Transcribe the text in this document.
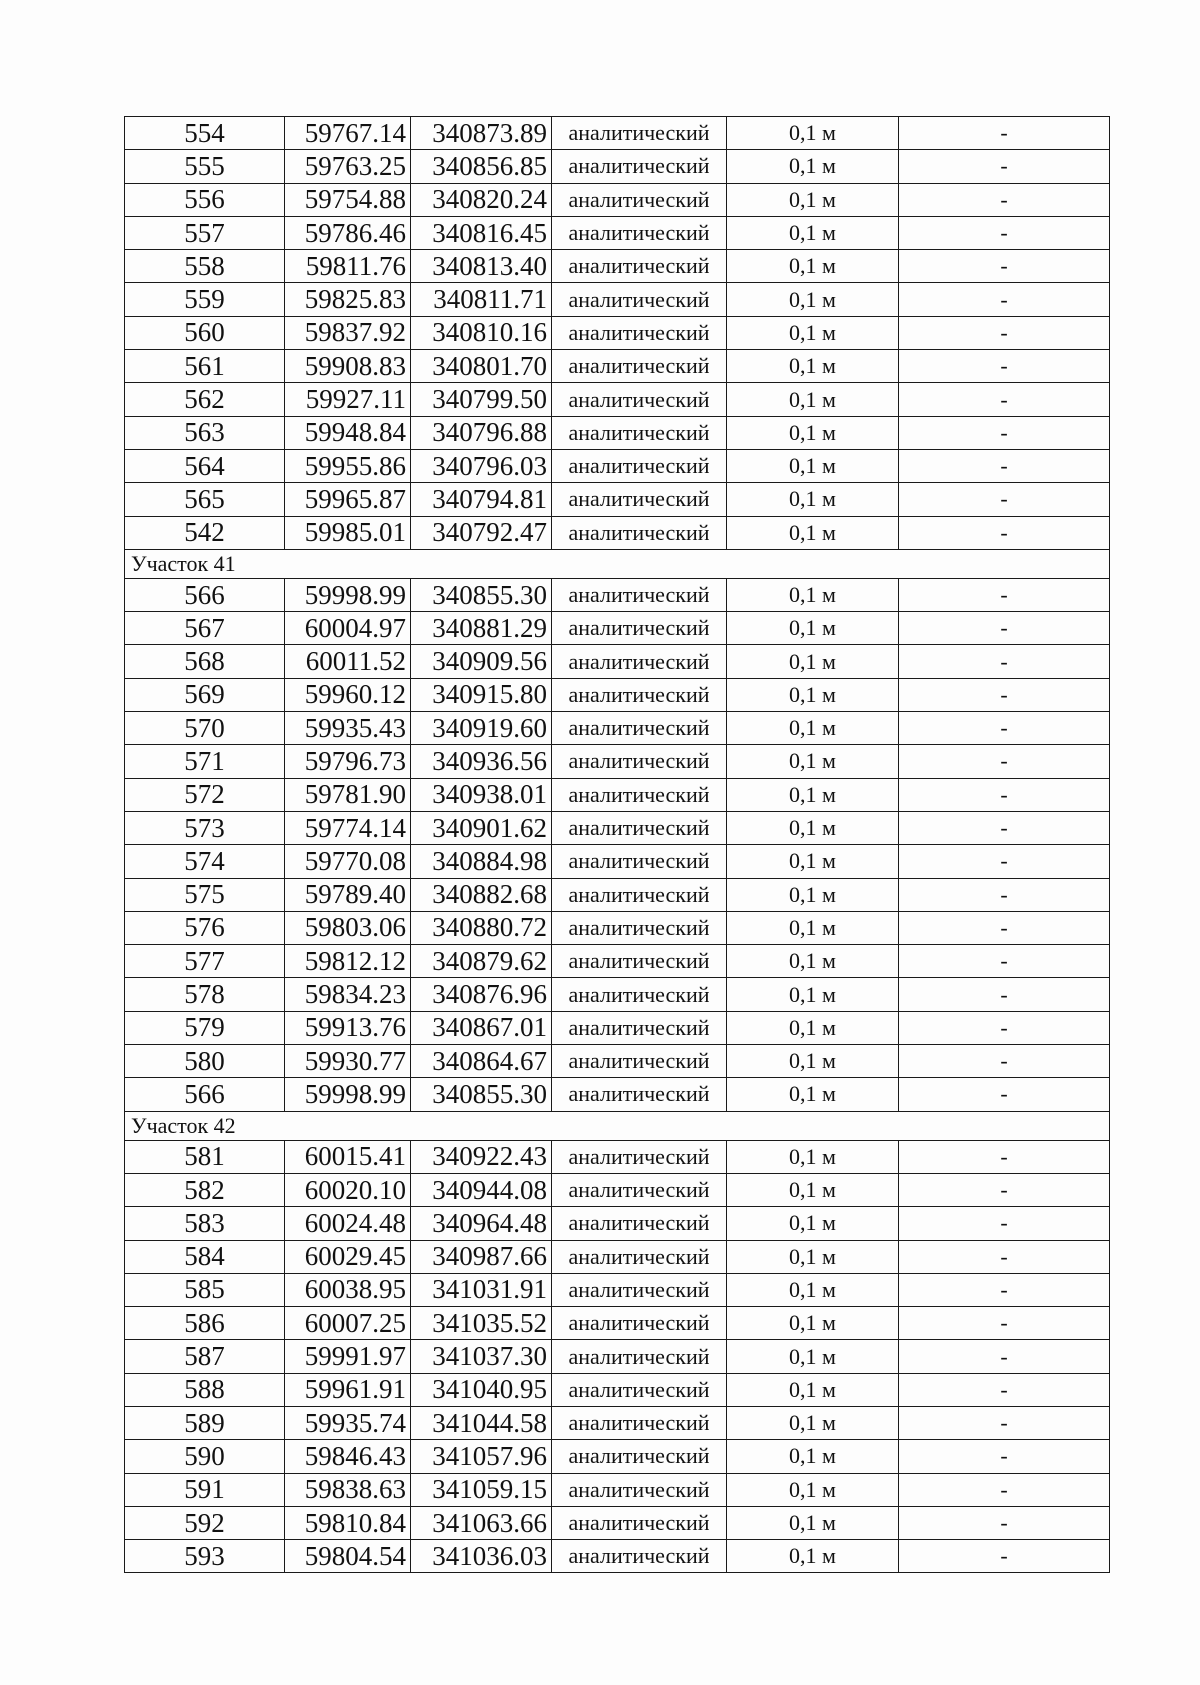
554	59767.14	340873.89	аналитический	0,1 м	-
555	59763.25	340856.85	аналитический	0,1 м	-
556	59754.88	340820.24	аналитический	0,1 м	-
557	59786.46	340816.45	аналитический	0,1 м	-
558	59811.76	340813.40	аналитический	0,1 м	-
559	59825.83	340811.71	аналитический	0,1 м	-
560	59837.92	340810.16	аналитический	0,1 м	-
561	59908.83	340801.70	аналитический	0,1 м	-
562	59927.11	340799.50	аналитический	0,1 м	-
563	59948.84	340796.88	аналитический	0,1 м	-
564	59955.86	340796.03	аналитический	0,1 м	-
565	59965.87	340794.81	аналитический	0,1 м	-
542	59985.01	340792.47	аналитический	0,1 м	-
Участок 41					
566	59998.99	340855.30	аналитический	0,1 м	-
567	60004.97	340881.29	аналитический	0,1 м	-
568	60011.52	340909.56	аналитический	0,1 м	-
569	59960.12	340915.80	аналитический	0,1 м	-
570	59935.43	340919.60	аналитический	0,1 м	-
571	59796.73	340936.56	аналитический	0,1 м	-
572	59781.90	340938.01	аналитический	0,1 м	-
573	59774.14	340901.62	аналитический	0,1 м	-
574	59770.08	340884.98	аналитический	0,1 м	-
575	59789.40	340882.68	аналитический	0,1 м	-
576	59803.06	340880.72	аналитический	0,1 м	-
577	59812.12	340879.62	аналитический	0,1 м	-
578	59834.23	340876.96	аналитический	0,1 м	-
579	59913.76	340867.01	аналитический	0,1 м	-
580	59930.77	340864.67	аналитический	0,1 м	-
566	59998.99	340855.30	аналитический	0,1 м	-
Участок 42					
581	60015.41	340922.43	аналитический	0,1 м	-
582	60020.10	340944.08	аналитический	0,1 м	-
583	60024.48	340964.48	аналитический	0,1 м	-
584	60029.45	340987.66	аналитический	0,1 м	-
585	60038.95	341031.91	аналитический	0,1 м	-
586	60007.25	341035.52	аналитический	0,1 м	-
587	59991.97	341037.30	аналитический	0,1 м	-
588	59961.91	341040.95	аналитический	0,1 м	-
589	59935.74	341044.58	аналитический	0,1 м	-
590	59846.43	341057.96	аналитический	0,1 м	-
591	59838.63	341059.15	аналитический	0,1 м	-
592	59810.84	341063.66	аналитический	0,1 м	-
593	59804.54	341036.03	аналитический	0,1 м	-
